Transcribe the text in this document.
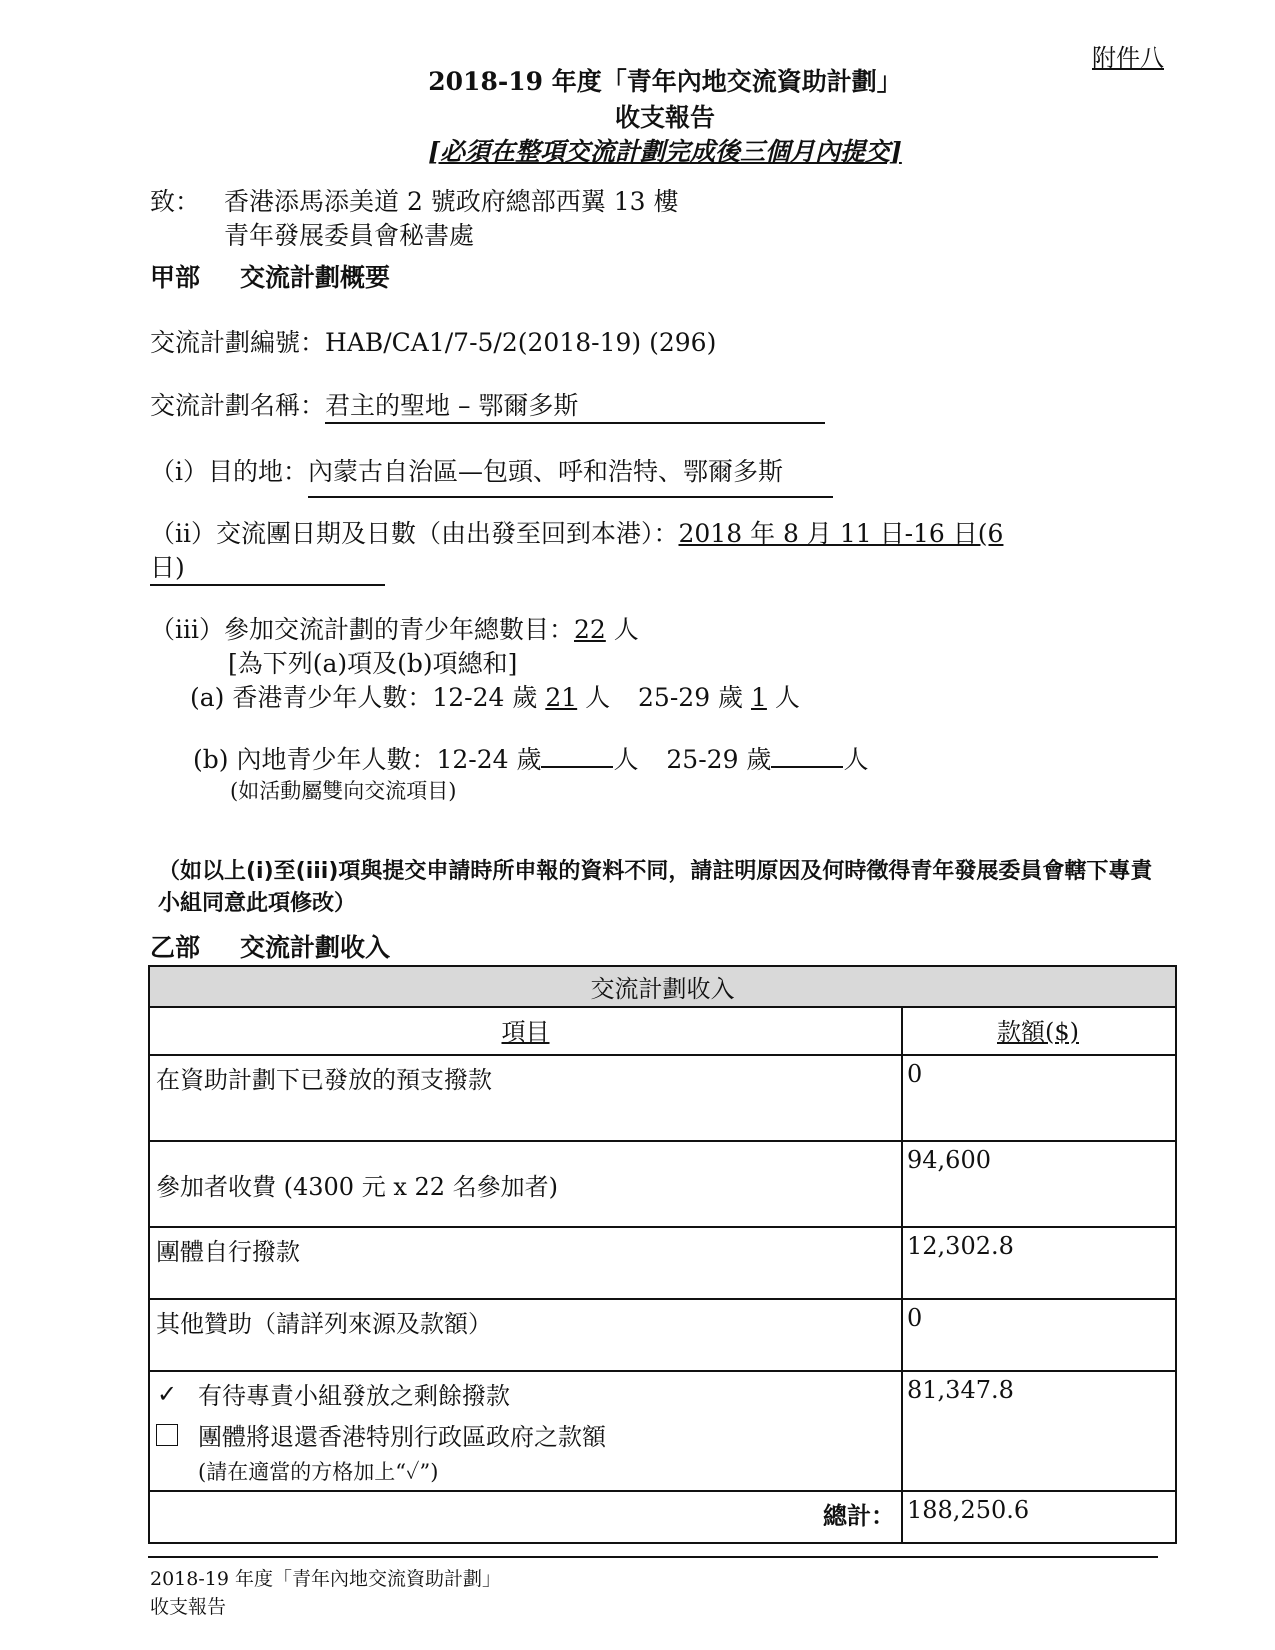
附件八
2018-19 年度「青年內地交流資助計劃」
收支報告
[必須在整項交流計劃完成後三個月內提交]
致： 香港添馬添美道 2 號政府總部西翼 13 樓
青年發展委員會秘書處
甲部 交流計劃概要
交流計劃編號：HAB/CA1/7-5/2(2018-19) (296)
交流計劃名稱：君主的聖地 – 鄂爾多斯
（i）目的地：內蒙古自治區—包頭、呼和浩特、鄂爾多斯
（ii）交流團日期及日數（由出發至回到本港）：2018 年 8 月 11 日-16 日(6
日)
（iii）參加交流計劃的青少年總數目：22 人
[為下列(a)項及(b)項總和]
(a) 香港青少年人數：12-24 歲 21 人 25-29 歲 1 人
(b) 內地青少年人數：12-24 歲	人 25-29 歲	人
(如活動屬雙向交流項目)
（如以上(i)至(iii)項與提交申請時所申報的資料不同，請註明原因及何時徵得青年發展委員會轄下專責小組同意此項修改）
乙部 交流計劃收入
交流計劃收入	
項目	款額($)
在資助計劃下已發放的預支撥款	0
參加者收費 (4300 元 x 22 名參加者)	94,600
團體自行撥款	12,302.8
其他贊助（請詳列來源及款額）	0

✓ 有待專責小組發放之剩餘撥款
團體將退還香港特別行政區政府之款額
(請在適當的方格加上“✓”)	81,347.8
總計：	188,250.6
2018-19 年度「青年內地交流資助計劃」
收支報告
